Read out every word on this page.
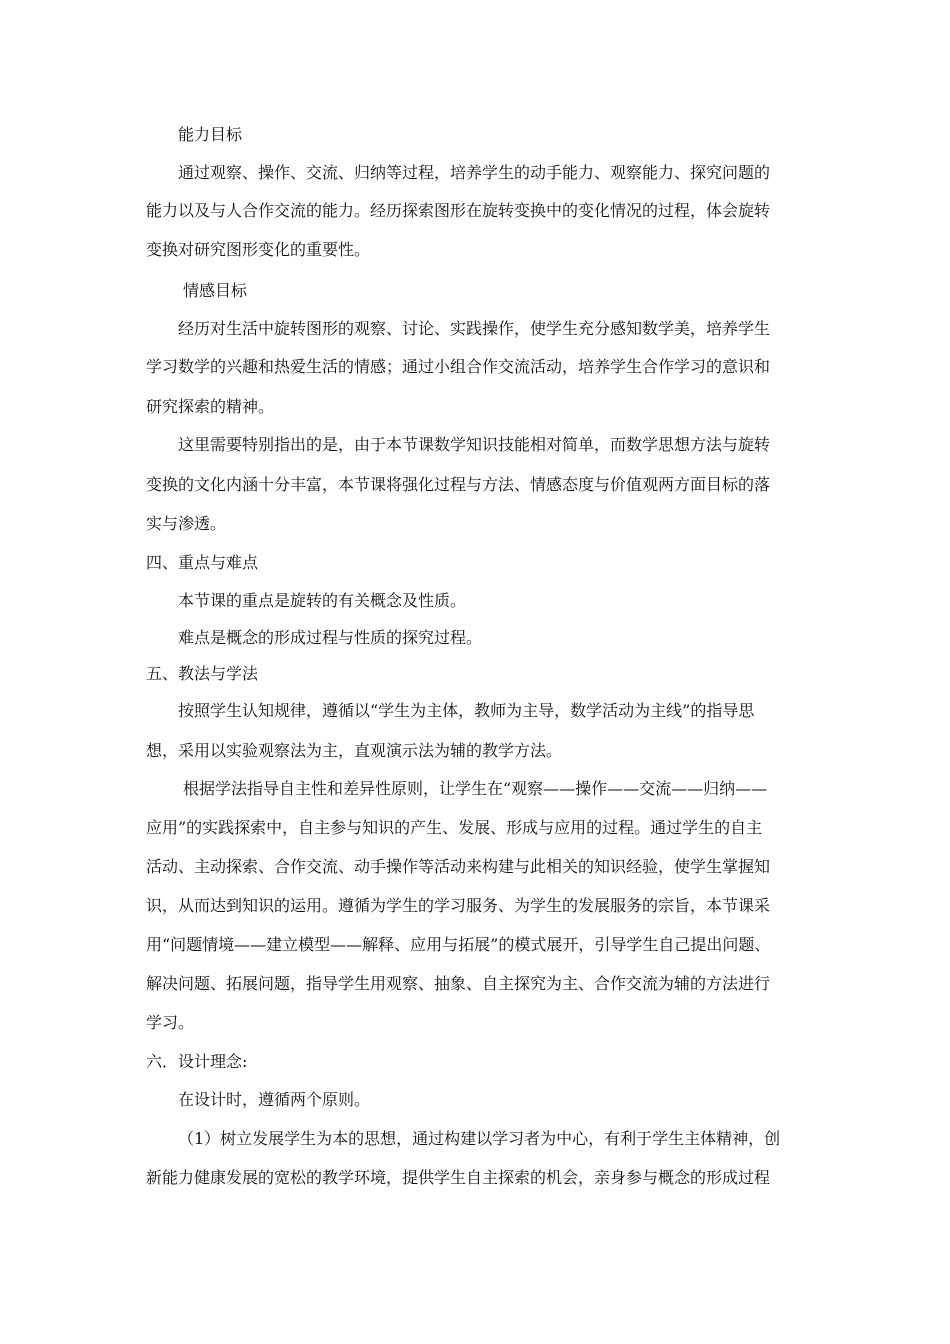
能力目标
通过观察、操作、交流、归纳等过程，培养学生的动手能力、观察能力、探究问题的
能力以及与人合作交流的能力。经历探索图形在旋转变换中的变化情况的过程，体会旋转
变换对研究图形变化的重要性。
情感目标
经历对生活中旋转图形的观察、讨论、实践操作，使学生充分感知数学美，培养学生
学习数学的兴趣和热爱生活的情感；通过小组合作交流活动，培养学生合作学习的意识和
研究探索的精神。
这里需要特别指出的是，由于本节课数学知识技能相对简单，而数学思想方法与旋转
变换的文化内涵十分丰富，本节课将强化过程与方法、情感态度与价值观两方面目标的落
实与渗透。
四、重点与难点
本节课的重点是旋转的有关概念及性质。
难点是概念的形成过程与性质的探究过程。
五、教法与学法
按照学生认知规律，遵循以“学生为主体，教师为主导，数学活动为主线”的指导思
想，采用以实验观察法为主，直观演示法为辅的教学方法。
根据学法指导自主性和差异性原则，让学生在“观察——操作——交流——归纳——
应用”的实践探索中，自主参与知识的产生、发展、形成与应用的过程。通过学生的自主
活动、主动探索、合作交流、动手操作等活动来构建与此相关的知识经验，使学生掌握知
识，从而达到知识的运用。遵循为学生的学习服务、为学生的发展服务的宗旨，本节课采
用“问题情境——建立模型——解释、应用与拓展”的模式展开，引导学生自己提出问题、
解决问题、拓展问题，指导学生用观察、抽象、自主探究为主、合作交流为辅的方法进行
学习。
六．设计理念:
在设计时，遵循两个原则。
（1）树立发展学生为本的思想，通过构建以学习者为中心，有利于学生主体精神，创
新能力健康发展的宽松的教学环境，提供学生自主探索的机会，亲身参与概念的形成过程
